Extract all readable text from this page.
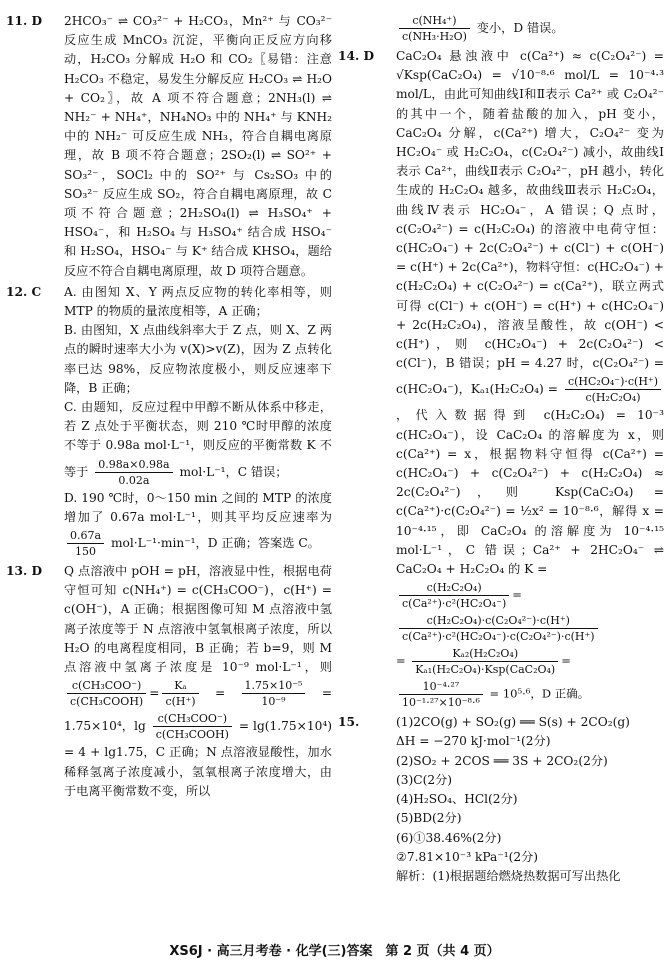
11. D	2HCO₃⁻ ⇌ CO₃²⁻ + H₂CO₃，Mn²⁺ 与 CO₃²⁻ 反应生成 MnCO₃ 沉淀，平衡向正反应方向移动，H₂CO₃ 分解成 H₂O 和 CO₂〖易错：注意 H₂CO₃ 不稳定，易发生分解反应 H₂CO₃ ⇌ H₂O + CO₂〗，故 A 项不符合题意；2NH₃(l) ⇌ NH₂⁻ + NH₄⁺，NH₄NO₃ 中的 NH₄⁺ 与 KNH₂ 中的 NH₂⁻ 可反应生成 NH₃，符合自耦电离原理，故 B 项不符合题意；2SO₂(l) ⇌ SO²⁺ + SO₃²⁻，SOCl₂ 中的 SO²⁺ 与 Cs₂SO₃ 中的 SO₃²⁻ 反应生成 SO₂，符合自耦电离原理，故 C 项不符合题意；2H₂SO₄(l) ⇌ H₃SO₄⁺ + HSO₄⁻，和 H₂SO₄ 与 H₃SO₄⁺ 结合成 HSO₄⁻ 和 H₂SO₄，HSO₄⁻ 与 K⁺ 结合成 KHSO₄，题给反应不符合自耦电离原理，故 D 项符合题意。

12. C	A. 由图知 X、Y 两点反应物的转化率相等，则 MTP 的物质的量浓度相等，A 正确；

B. 由图知，X 点曲线斜率大于 Z 点，则 X、Z 两点的瞬时速率大小为 v(X)>v(Z)，因为 Z 点转化率已达 98%，反应物浓度极小，则反应速率下降，B 正确；

C. 由题知，反应过程中甲醇不断从体系中移走，若 Z 点处于平衡状态，则 210 ℃时甲醇的浓度不等于 0.98a mol·L⁻¹，则反应的平衡常数 K 不等于 $\frac{0.98a\times 0.98a}{0.02a} mol\cdot L^{-1}$，C 错误；

D. 190 ℃时，0～150 min 之间的 MTP 的浓度增加了 0.67a mol·L⁻¹，则其平均反应速率为
$\frac{0.67a}{150} mol\cdot L^{-1}\cdot\min^{-1}$，D 正确；答案选 C。

13. D	Q 点溶液中 pOH = pH，溶液显中性，根据电荷守恒可知 c(NH₄⁺) = c(CH₃COO⁻)，c(H⁺) = c(OH⁻)，A 正确；根据图像可知 M 点溶液中氢离子浓度等于 N 点溶液中氢氧根离子浓度，所以 H₂O 的电离程度相同，B 正确；若 b=9，则 M 点溶液中氢离子浓度是 10⁻⁹ mol·L⁻¹，则
$\frac{\text{c(CH₃COO⁻)}}{\text{c(CH₃COOH)}} = \frac{\text{Kₐ}}{c(H^+)} = \frac{\text{1.75×10⁻⁵}}{\text{10⁻⁹}} = 1.75\times 10^4$，$\lg \frac{\text{c(CH₃COO⁻)}}{\text{c(CH₃COOH)}} = \lg(1.75\times 10^4) = 4 + \lg 1.75$，C 正确；N 点溶液显酸性，加水稀释氢离子浓度减小，氢氧根离子浓度增大，由于电离平衡常数不变，所以

$\frac{\text{c(NH₄⁺)}}{\text{c(NH₃·H₂O)}}$ 变小，D 错误。
14. D	CaC₂O₄ 悬浊液中 c(Ca²⁺) ≈ c(C₂O₄²⁻) = √Ksp(CaC₂O₄) = √10⁻⁸·⁶ mol/L = 10⁻⁴·³ mol/L，由此可知曲线Ⅰ和Ⅱ表示 Ca²⁺ 或 C₂O₄²⁻ 的其中一个，随着盐酸的加入，pH 变小，CaC₂O₄ 分解，c(Ca²⁺) 增大，C₂O₄²⁻ 变为 HC₂O₄⁻ 或 H₂C₂O₄，c(C₂O₄²⁻) 减小，故曲线Ⅰ表示 Ca²⁺，曲线Ⅱ表示 C₂O₄²⁻，pH 越小，转化生成的 H₂C₂O₄ 越多，故曲线Ⅲ表示 H₂C₂O₄，曲线Ⅳ表示 HC₂O₄⁻，A 错误；Q 点时，c(C₂O₄²⁻) = c(H₂C₂O₄) 的溶液中电荷守恒：c(HC₂O₄⁻) + 2c(C₂O₄²⁻) + c(Cl⁻) + c(OH⁻) = c(H⁺) + 2c(Ca²⁺)，物料守恒：c(HC₂O₄⁻) + c(H₂C₂O₄) + c(C₂O₄²⁻) = c(Ca²⁺)，联立两式可得 c(Cl⁻) + c(OH⁻) = c(H⁺) + c(HC₂O₄⁻) + 2c(H₂C₂O₄)，溶液呈酸性，故 c(OH⁻) < c(H⁺)，则 c(HC₂O₄⁻) + 2c(C₂O₄²⁻) < c(Cl⁻)，B 错误；pH = 4.27 时，c(C₂O₄²⁻) = c(HC₂O₄⁻)，$K_{a1}(H_2C_2O_4) = \frac{\text{c(HC₂O₄⁻)·c(H⁺)}}{\text{c(H₂C₂O₄)}}$
，代入数据得到 c(H₂C₂O₄) = 10⁻³ c(HC₂O₄⁻)，设 CaC₂O₄ 的溶解度为 x，则 c(Ca²⁺) = x，根据物料守恒得 c(Ca²⁺) = c(HC₂O₄⁻) + c(C₂O₄²⁻) + c(H₂C₂O₄) ≈ 2c(C₂O₄²⁻)，则 Ksp(CaC₂O₄) = c(Ca²⁺)·c(C₂O₄²⁻) = ½x² = 10⁻⁸·⁶，解得 x = 10⁻⁴·¹⁵，即 CaC₂O₄ 的溶解度为 10⁻⁴·¹⁵ mol·L⁻¹，C 错误；Ca²⁺ + 2HC₂O₄⁻ ⇌ CaC₂O₄ + H₂C₂O₄ 的 K =

$\frac{\text{c(H₂C₂O₄)}}{\text{c(Ca²⁺)·c²(HC₂O₄⁻)}}$ =

$\frac{\text{c(H₂C₂O₄)·c(C₂O₄²⁻)·c(H⁺)}}{\text{c(Ca²⁺)·c²(HC₂O₄⁻)·c(C₂O₄²⁻)·c(H⁺)}}$

= $\frac{\text{Kₐ₂(H₂C₂O₄)}}{\text{Kₐ₁(H₂C₂O₄)·Ksp(CaC₂O₄)}}$ =

$\frac{\text{10⁻⁴·²⁷}}{\text{10⁻¹·²⁷×10⁻⁸·⁶}} = 10^5\cdot^6$，D 正确。
15.	(1)2CO(g) + SO₂(g) ══ S(s) + 2CO₂(g)
ΔH = −270 kJ·mol⁻¹(2分)
(2)SO₂ + 2COS ══ 3S + 2CO₂(2分)
(3)C(2分)
(4)H₂SO₄、HCl(2分)
(5)BD(2分)
(6)①38.46%(2分)
②7.81×10⁻³ kPa⁻¹(2分)
解析：(1)根据题给燃烧热数据可写出热化
XS6J · 高三月考卷 · 化学(三)答案　第 2 页（共 4 页）
